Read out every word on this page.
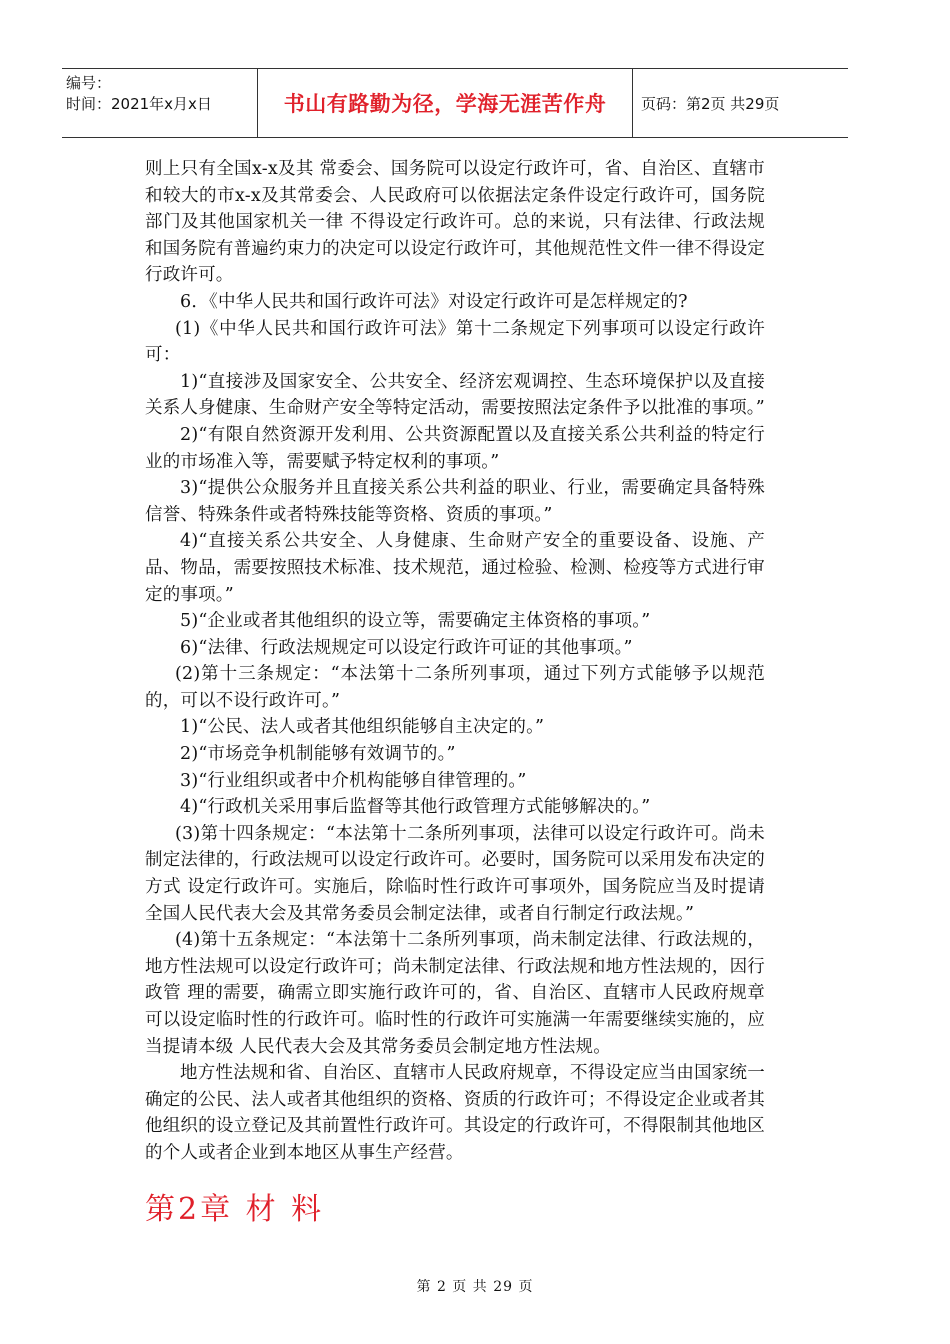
编号：
时间：2021年x月x日	书山有路勤为径，学海无涯苦作舟	页码：第2页 共29页

则上只有全国x-x及其 常委会、国务院可以设定行政许可，省、自治区、直辖市和较大的市x-x及其常委会、人民政府可以依据法定条件设定行政许可，国务院部门及其他国家机关一律 不得设定行政许可。总的来说，只有法律、行政法规和国务院有普遍约束力的决定可以设定行政许可，其他规范性文件一律不得设定行政许可。

6．《中华人民共和国行政许可法》对设定行政许可是怎样规定的?

(1)《中华人民共和国行政许可法》第十二条规定下列事项可以设定行政许可：

1)“直接涉及国家安全、公共安全、经济宏观调控、生态环境保护以及直接关系人身健康、生命财产安全等特定活动，需要按照法定条件予以批准的事项。”

2)“有限自然资源开发利用、公共资源配置以及直接关系公共利益的特定行业的市场准入等，需要赋予特定权利的事项。”

3)“提供公众服务并且直接关系公共利益的职业、行业，需要确定具备特殊信誉、特殊条件或者特殊技能等资格、资质的事项。”

4)“直接关系公共安全、人身健康、生命财产安全的重要设备、设施、产品、物品，需要按照技术标准、技术规范，通过检验、检测、检疫等方式进行审定的事项。”

5)“企业或者其他组织的设立等，需要确定主体资格的事项。”

6)“法律、行政法规规定可以设定行政许可证的其他事项。”

(2)第十三条规定：“本法第十二条所列事项，通过下列方式能够予以规范的，可以不设行政许可。”

1)“公民、法人或者其他组织能够自主决定的。”

2)“市场竞争机制能够有效调节的。”

3)“行业组织或者中介机构能够自律管理的。”

4)“行政机关采用事后监督等其他行政管理方式能够解决的。”

(3)第十四条规定：“本法第十二条所列事项，法律可以设定行政许可。尚未制定法律的，行政法规可以设定行政许可。必要时，国务院可以采用发布决定的方式 设定行政许可。实施后，除临时性行政许可事项外，国务院应当及时提请全国人民代表大会及其常务委员会制定法律，或者自行制定行政法规。”

(4)第十五条规定：“本法第十二条所列事项，尚未制定法律、行政法规的，地方性法规可以设定行政许可；尚未制定法律、行政法规和地方性法规的，因行政管 理的需要，确需立即实施行政许可的，省、自治区、直辖市人民政府规章可以设定临时性的行政许可。临时性的行政许可实施满一年需要继续实施的，应当提请本级 人民代表大会及其常务委员会制定地方性法规。

地方性法规和省、自治区、直辖市人民政府规章，不得设定应当由国家统一确定的公民、法人或者其他组织的资格、资质的行政许可；不得设定企业或者其他组织的设立登记及其前置性行政许可。其设定的行政许可，不得限制其他地区的个人或者企业到本地区从事生产经营。

第2章 材 料
第 2 页 共 29 页
